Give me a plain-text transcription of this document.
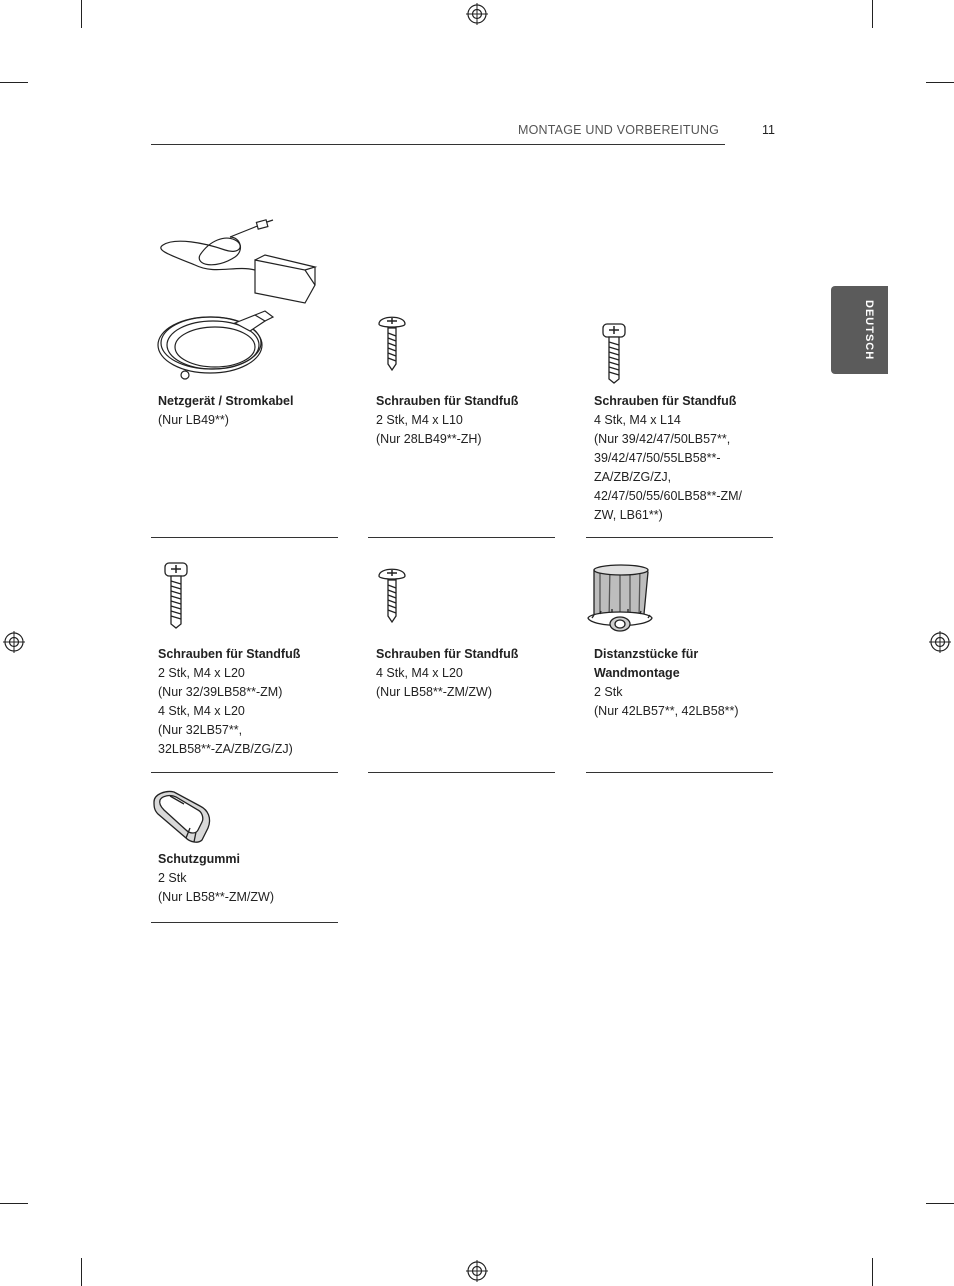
MONTAGE UND VORBEREITUNG	11
DEUTSCH
Netzgerät / Stromkabel
(Nur LB49**)
Schrauben für Standfuß
2 Stk, M4 x L10
(Nur 28LB49**-ZH)
Schrauben für Standfuß
4 Stk, M4 x L14
(Nur 39/42/47/50LB57**,
39/42/47/50/55LB58**-
ZA/ZB/ZG/ZJ,
42/47/50/55/60LB58**-ZM/
ZW, LB61**)
Schrauben für Standfuß
2 Stk, M4 x L20
(Nur 32/39LB58**-ZM)
4 Stk, M4 x L20
(Nur 32LB57**,
32LB58**-ZA/ZB/ZG/ZJ)
Schrauben für Standfuß
4 Stk, M4 x L20
(Nur LB58**-ZM/ZW)
Distanzstücke für
Wandmontage
2 Stk
(Nur 42LB57**, 42LB58**)
Schutzgummi
2 Stk
(Nur LB58**-ZM/ZW)
